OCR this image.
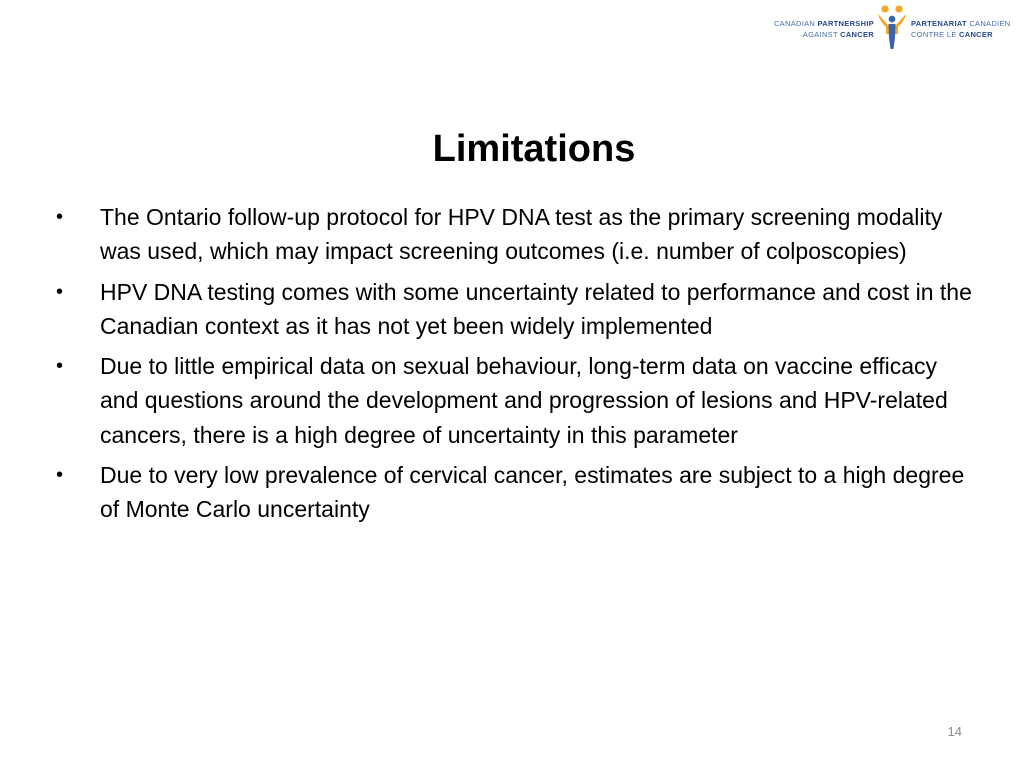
CANADIAN PARTNERSHIP
AGAINST CANCER
PARTENARIAT CANADIEN
CONTRE LE CANCER
Limitations
•	The Ontario follow-up protocol for HPV DNA test as the primary screening modality was used, which may impact screening outcomes (i.e. number of colposcopies)
•	HPV DNA testing comes with some uncertainty related to performance and cost in the Canadian context as it has not yet been widely implemented
•	Due to little empirical data on sexual behaviour, long-term data on vaccine efficacy and questions around the development and progression of lesions and HPV-related cancers, there is a high degree of uncertainty in this parameter
•	Due to very low prevalence of cervical cancer, estimates are subject to a high degree of Monte Carlo uncertainty
14
